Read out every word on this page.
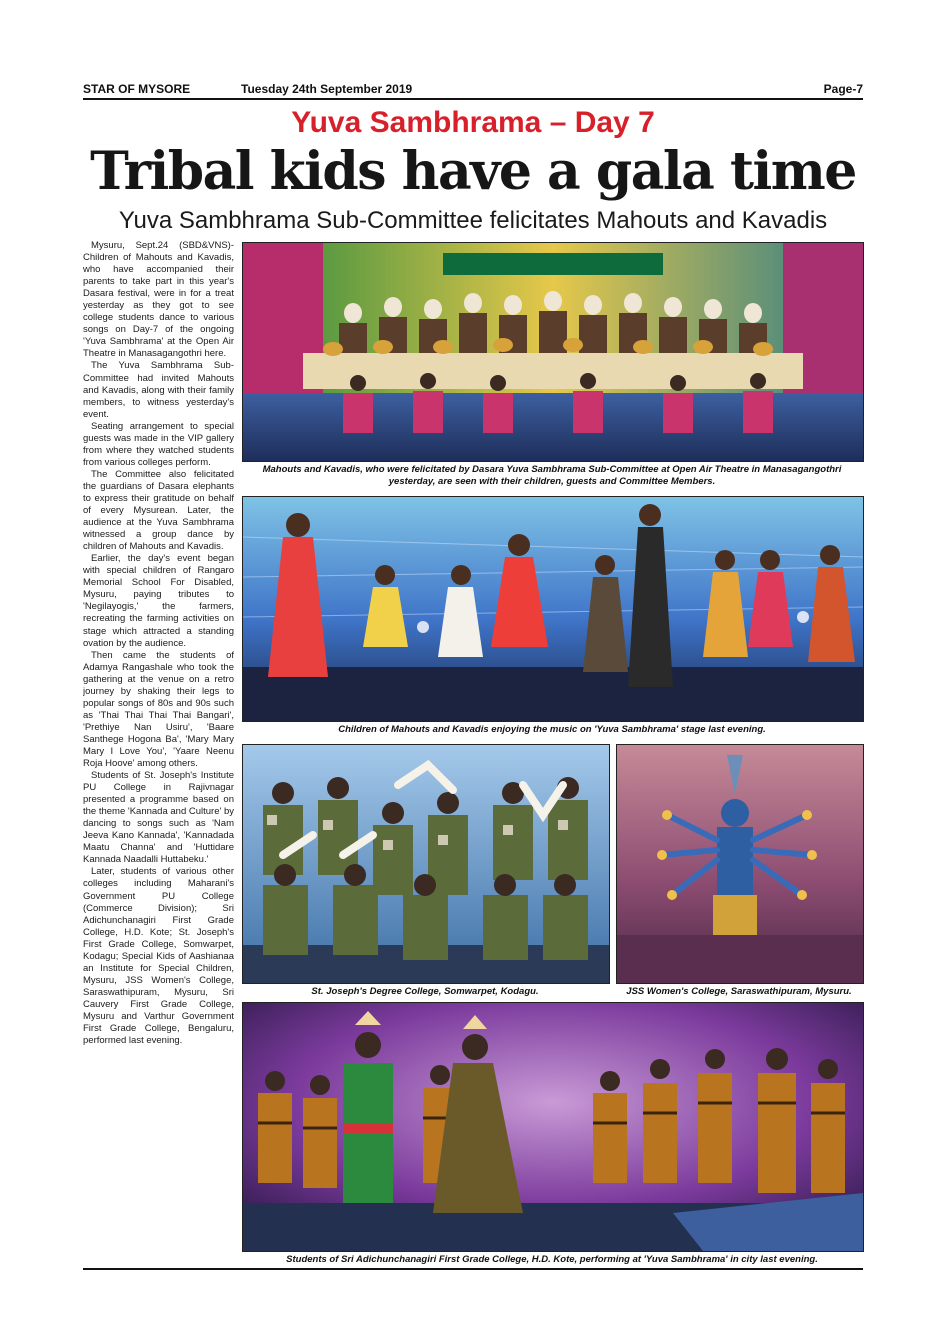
STAR OF MYSORE	Tuesday 24th September 2019	Page-7
Yuva Sambhrama – Day 7
Tribal kids have a gala time
Yuva Sambhrama Sub-Committee felicitates Mahouts and Kavadis

Mysuru, Sept.24 (SBD&VNS)- Children of Mahouts and Kavadis, who have accompanied their parents to take part in this year's Dasara festival, were in for a treat yesterday as they got to see college students dance to various songs on Day-7 of the ongoing 'Yuva Sambhrama' at the Open Air Theatre in Manasagangothri here.

The Yuva Sambhrama Sub-Committee had invited Mahouts and Kavadis, along with their family members, to witness yesterday's event.

Seating arrangement to special guests was made in the VIP gallery from where they watched students from various colleges perform.

The Committee also felicitated the guardians of Dasara elephants to express their gratitude on behalf of every Mysurean. Later, the audience at the Yuva Sambhrama witnessed a group dance by children of Mahouts and Kavadis.

Earlier, the day's event began with special children of Rangaro Memorial School For Disabled, Mysuru, paying tributes to 'Negilayogis,' the farmers, recreating the farming activities on stage which attracted a standing ovation by the audience.

Then came the students of Adamya Rangashale who took the gathering at the venue on a retro journey by shaking their legs to popular songs of 80s and 90s such as 'Thai Thai Thai Thai Bangari', 'Prethiye Nan Usiru', 'Baare Santhege Hogona Ba', 'Mary Mary Mary I Love You', 'Yaare Neenu Roja Hoove' among others.

Students of St. Joseph's Institute PU College in Rajivnagar presented a programme based on the theme 'Kannada and Culture' by dancing to songs such as 'Nam Jeeva Kano Kannada', 'Kannadada Maatu Channa' and 'Huttidare Kannada Naadalli Huttabeku.'

Later, students of various other colleges including Maharani's Government PU College (Commerce Division); Sri Adichunchanagiri First Grade College, H.D. Kote; St. Joseph's First Grade College, Somwarpet, Kodagu; Special Kids of Aashianaa an Institute for Special Children, Mysuru, JSS Women's College, Saraswathipuram, Mysuru, Sri Cauvery First Grade College, Mysuru and Varthur Government First Grade College, Bengaluru, performed last evening.

Mahouts and Kavadis, who were felicitated by Dasara Yuva Sambhrama Sub-Committee at Open Air Theatre in Manasagangothri yesterday, are seen with their children, guests and Committee Members.
Children of Mahouts and Kavadis enjoying the music on 'Yuva Sambhrama' stage last evening.
St. Joseph's Degree College, Somwarpet, Kodagu.	JSS Women's College, Saraswathipuram, Mysuru.
Students of Sri Adichunchanagiri First Grade College, H.D. Kote, performing at 'Yuva Sambhrama' in city last evening.
